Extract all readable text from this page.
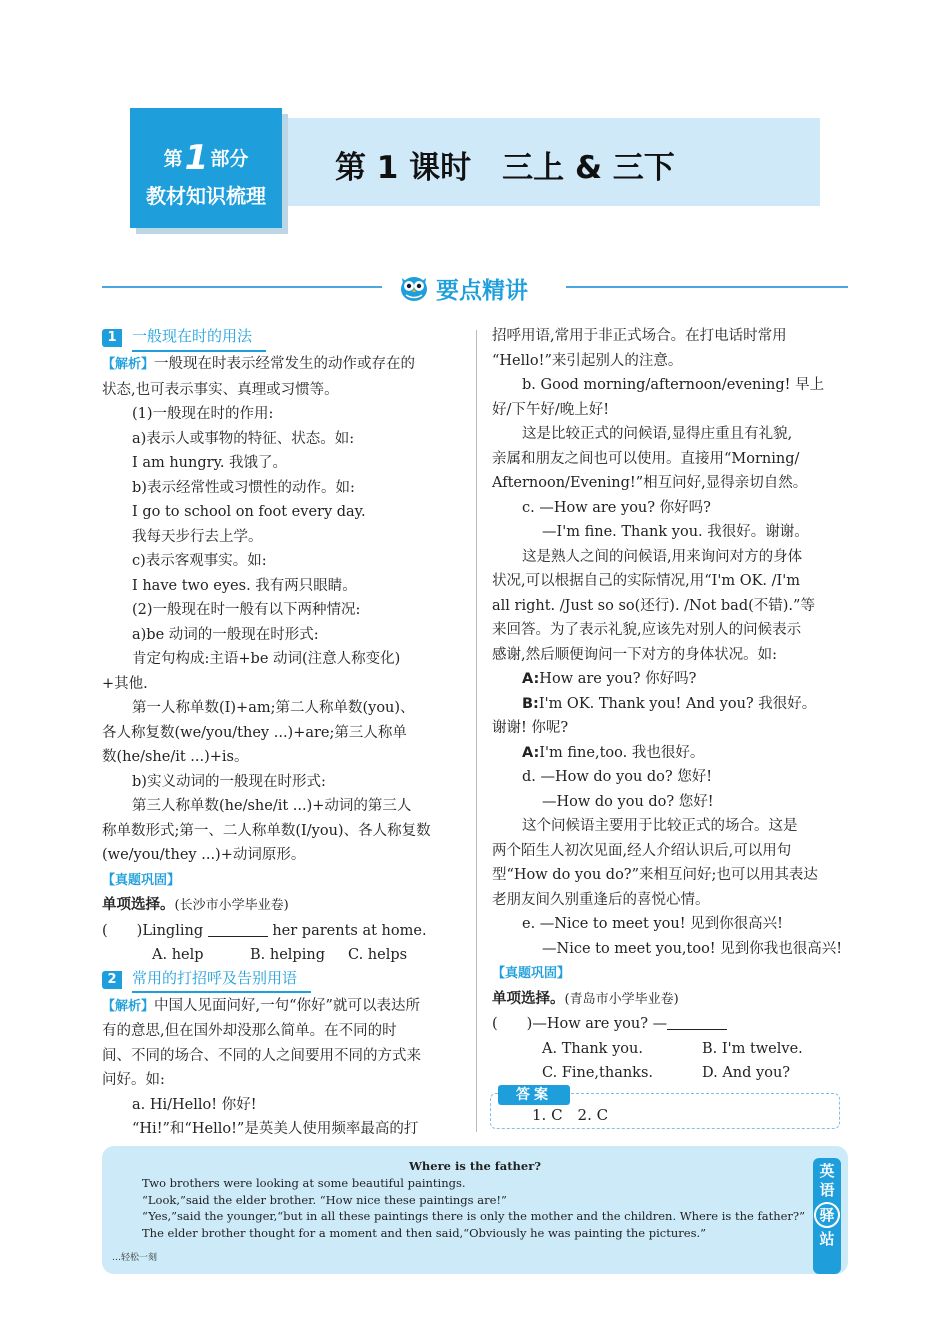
第1 部分
教材知识梳理
第 1 课时　三上 & 三下
要点精讲
1	一般现在时的用法

【解析】一般现在时表示经常发生的动作或存在的

状态,也可表示事实、真理或习惯等。

(1)一般现在时的作用:

a)表示人或事物的特征、状态。如:

I am hungry. 我饿了。

b)表示经常性或习惯性的动作。如:

I go to school on foot every day.

我每天步行去上学。

c)表示客观事实。如:

I have two eyes. 我有两只眼睛。

(2)一般现在时一般有以下两种情况:

a)be 动词的一般现在时形式:

肯定句构成:主语+be 动词(注意人称变化)

+其他.

第一人称单数(I)+am;第二人称单数(you)、

各人称复数(we/you/they ...)+are;第三人称单

数(he/she/it ...)+is。

b)实义动词的一般现在时形式:

第三人称单数(he/she/it ...)+动词的第三人

称单数形式;第一、二人称单数(I/you)、各人称复数

(we/you/they ...)+动词原形。

【真题巩固】

单项选择。(长沙市小学毕业卷)

(　　)Lingling	her parents at home.

A. help	B. helping	C. helps

2	常用的打招呼及告别用语

【解析】中国人见面问好,一句“你好”就可以表达所

有的意思,但在国外却没那么简单。在不同的时

间、不同的场合、不同的人之间要用不同的方式来

问好。如:

a. Hi/Hello! 你好!

“Hi!”和“Hello!”是英美人使用频率最高的打

招呼用语,常用于非正式场合。在打电话时常用

“Hello!”来引起别人的注意。

b. Good morning/afternoon/evening! 早上

好/下午好/晚上好!

这是比较正式的问候语,显得庄重且有礼貌,

亲属和朋友之间也可以使用。直接用“Morning/

Afternoon/Evening!”相互问好,显得亲切自然。

c. —How are you? 你好吗?

—I'm fine. Thank you. 我很好。谢谢。

这是熟人之间的问候语,用来询问对方的身体

状况,可以根据自己的实际情况,用“I'm OK. /I'm

all right. /Just so so(还行). /Not bad(不错).”等

来回答。为了表示礼貌,应该先对别人的问候表示

感谢,然后顺便询问一下对方的身体状况。如:

A:How are you? 你好吗?

B:I'm OK. Thank you! And you? 我很好。

谢谢! 你呢?

A:I'm fine,too. 我也很好。

d. —How do you do? 您好!

—How do you do? 您好!

这个问候语主要用于比较正式的场合。这是

两个陌生人初次见面,经人介绍认识后,可以用句

型“How do you do?”来相互问好;也可以用其表达

老朋友间久别重逢后的喜悦心情。

e. —Nice to meet you! 见到你很高兴!

—Nice to meet you,too! 见到你我也很高兴!

【真题巩固】

单项选择。(青岛市小学毕业卷)

(　　)—How are you? —

A. Thank you.	B. I'm twelve.

C. Fine,thanks.	D. And you?

答案
1. C　2. C
Where is the father?

Two brothers were looking at some beautiful paintings.

“Look,”said the elder brother. “How nice these paintings are!”

“Yes,”said the younger,“but in all these paintings there is only the mother and the children. Where is the father?”

The elder brother thought for a moment and then said,“Obviously he was painting the pictures.”

…轻松一刻
英
语
驿
站
